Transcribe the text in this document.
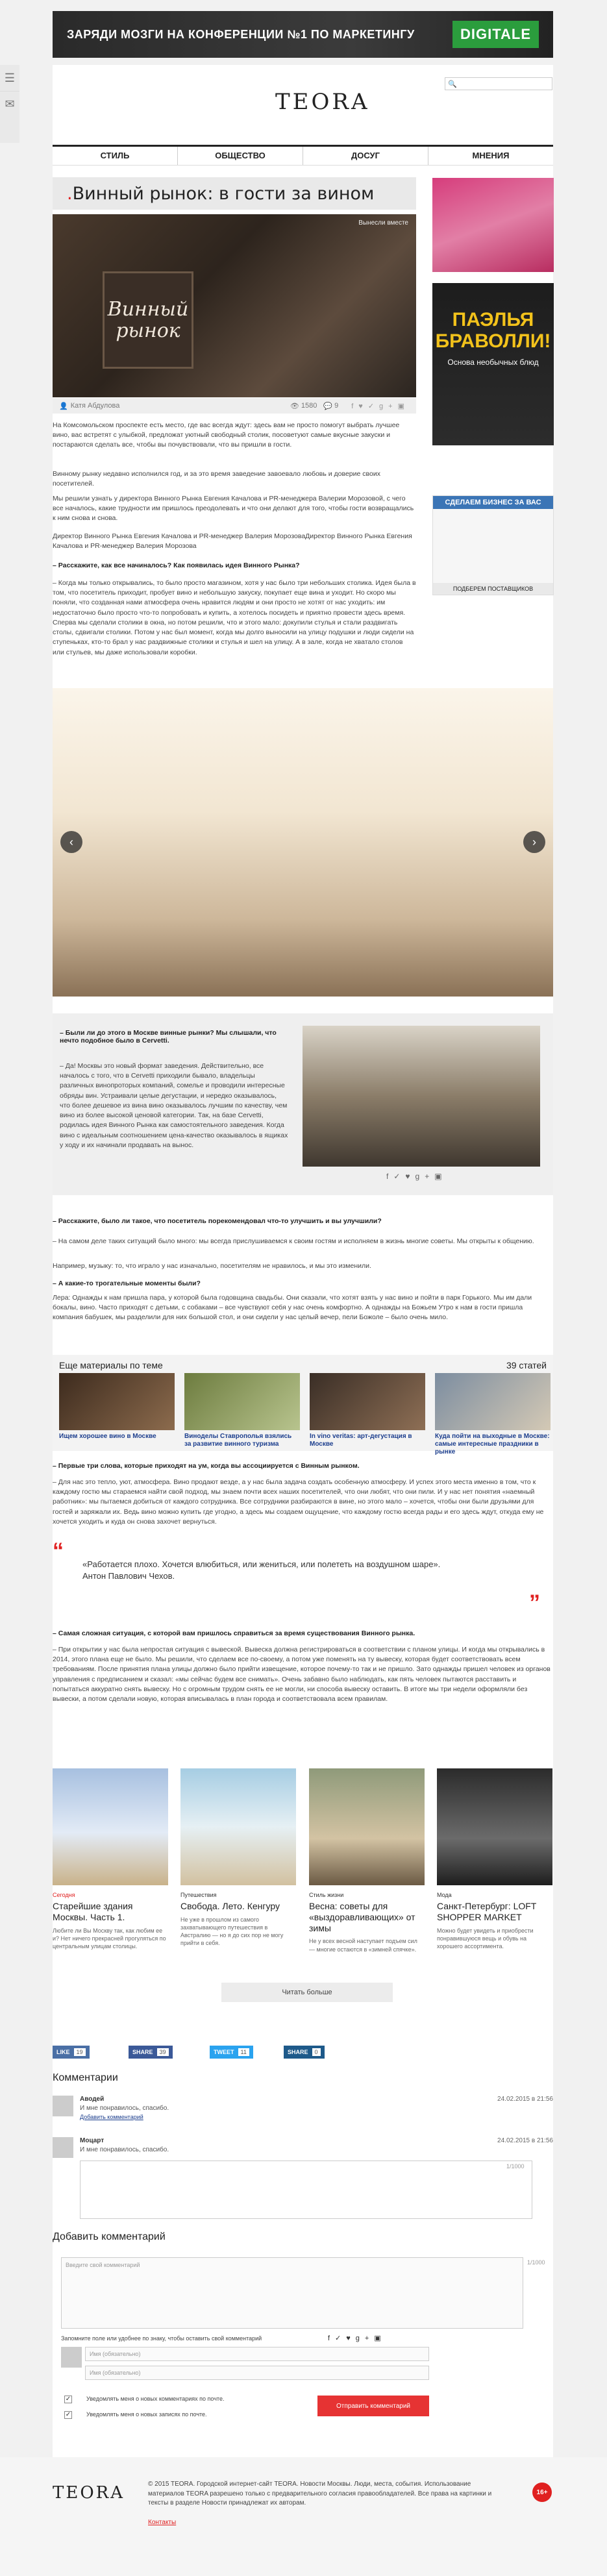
ЗАРЯДИ МОЗГИ НА КОНФЕРЕНЦИИ №1 ПО МАРКЕТИНГУ	DIGITALE
☰
✉	TEORA
🔍
СТИЛЬ	ОБЩЕСТВО	ДОСУГ	МНЕНИЯ
. Винный рынок: в гости за вином
Винный рынок
Вынесли вместе
👤 Катя Абдулова	👁 1580 💬 9 f♥✓g+▣
На Комсомольском проспекте есть место, где вас всегда ждут: здесь вам не просто помогут выбрать лучшее вино, вас встретят с улыбкой, предложат уютный свободный столик, посоветуют самые вкусные закуски и постараются сделать все, чтобы вы почувствовали, что вы пришли в гости.
Винному рынку недавно исполнился год, и за это время заведение завоевало любовь и доверие своих посетителей.
Мы решили узнать у директора Винного Рынка Евгения Качалова и PR-менеджера Валерии Морозовой, с чего все началось, какие трудности им пришлось преодолевать и что они делают для того, чтобы гости возвращались к ним снова и снова.
Директор Винного Рынка Евгения Качалова и PR-менеджер Валерия МорозоваДиректор Винного Рынка Евгения Качалова и PR-менеджер Валерия Морозова
– Расскажите, как все начиналось? Как появилась идея Винного Рынка?
– Когда мы только открывались, то было просто магазином, хотя у нас было три небольших столика. Идея была в том, что посетитель приходит, пробует вино и небольшую закуску, покупает еще вина и уходит. Но скоро мы поняли, что созданная нами атмосфера очень нравится людям и они просто не хотят от нас уходить: им недостаточно было просто что-то попробовать и купить, а хотелось посидеть и приятно провести здесь время. Сперва мы сделали столики в окна, но потом решили, что и этого мало: докупили стулья и стали раздвигать столы, сдвигали столики. Потом у нас был момент, когда мы долго выносили на улицу подушки и люди сидели на ступеньках, кто-то брал у нас раздвижные столики и стулья и шел на улицу. А в зале, когда не хватало столов или стульев, мы даже использовали коробки.
ПАЭЛЬЯ БРАВОЛЛИ!
Основа необычных блюд
СДЕЛАЕМ БИЗНЕС ЗА ВАС
ПОДБЕРЕМ ПОСТАВЩИКОВ
‹	›
– Были ли до этого в Москве винные рынки? Мы слышали, что нечто подобное было в Cervetti.
– Да! Москвы это новый формат заведения. Действительно, все началось с того, что в Cervetti приходили бывало, владельцы различных винопроторых компаний, сомелье и проводили интересные обряды вин. Устраивали целые дегустации, и нередко оказывалось, что более дешевое из вина вино оказывалось лучшим по качеству, чем вино из более высокой ценовой категории. Так, на базе Cervetti, родилась идея Винного Рынка как самостоятельного заведения. Когда вино с идеальным соотношением цена-качество оказывалось в ящиках у ходу и их начинали продавать на вынос.
f✓♥g+▣
– Расскажите, было ли такое, что посетитель порекомендовал что-то улучшить и вы улучшили?
– На самом деле таких ситуаций было много: мы всегда прислушиваемся к своим гостям и исполняем в жизнь многие советы. Мы открыты к общению.
Например, музыку: то, что играло у нас изначально, посетителям не нравилось, и мы это изменили.
– А какие-то трогательные моменты были?
Лера: Однажды к нам пришла пара, у которой была годовщина свадьбы. Они сказали, что хотят взять у нас вино и пойти в парк Горького. Мы им дали бокалы, вино. Часто приходят с детьми, с собаками – все чувствуют себя у нас очень комфортно. А однажды на Божьем Утро к нам в гости пришла компания бабушек, мы разделили для них большой стол, и они сидели у нас целый вечер, пели Божоле – было очень мило.
Еще материалы по теме	39 статей
Ищем хорошее вино в Москве	Виноделы Ставрополья взялись за развитие винного туризма
In vino veritas: арт-дегустация в Москве
Куда пойти на выходные в Москве: самые интересные праздники в рынке
– Первые три слова, которые приходят на ум, когда вы ассоциируется с Винным рынком.
– Для нас это тепло, уют, атмосфера. Вино продают везде, а у нас была задача создать особенную атмосферу. И успех этого места именно в том, что к каждому гостю мы стараемся найти свой подход, мы знаем почти всех наших посетителей, что они любят, что они пили. И у нас нет понятия «наемный работник»: мы пытаемся добиться от каждого сотрудника. Все сотрудники разбираются в вине, но этого мало – хочется, чтобы они были друзьями для гостей и заряжали их. Ведь вино можно купить где угодно, а здесь мы создаем ощущение, что каждому гостю всегда рады и его здесь ждут, откуда ему не хочется уходить и куда он снова захочет вернуться.
“
«Работается плохо. Хочется влюбиться, или жениться, или полететь на воздушном шаре».
Антон Павлович Чехов.
”
– Самая сложная ситуация, с которой вам пришлось справиться за время существования Винного рынка.
– При открытии у нас была непростая ситуация с вывеской. Вывеска должна регистрироваться в соответствии с планом улицы. И когда мы открывались в 2014, этого плана еще не было. Мы решили, что сделаем все по-своему, а потом уже поменять на ту вывеску, которая будет соответствовать всем требованиям. После принятия плана улицы должно было прийти извещение, которое почему-то так и не пришло. Зато однажды пришел человек из органов управления с предписанием и сказал: «мы сейчас будем все снимать». Очень забавно было наблюдать, как пять человек пытаются расставить и попытаться аккуратно снять вывеску. Но с огромным трудом снять ее не могли, ни способа вывеску оставить. В итоге мы три недели оформляли без вывески, а потом сделали новую, которая вписывалась в план города и соответствовала всем правилам.
Сегодня
Старейшие здания Москвы. Часть 1.
Любите ли Вы Москву так, как любим ее и? Нет ничего прекрасней прогуляться по центральным улицам столицы.
Путешествия
Свобода. Лето. Кенгуру
Не уже в прошлом из самого захватывающего путешествия в Австралию — но я до сих пор не могу прийти в себя.
Стиль жизни
Весна: советы для «выздоравливающих» от зимы
Не у всех весной наступает подъем сил — многие остаются в «зимней спячке».
Мода
Санкт-Петербург: LOFT SHOPPER MARKET
Можно будет увидеть и приобрести понравившуюся вещь и обувь на хорошего ассортимента.
Читать больше
LIKE	19	SHARE	39	TWEET	11	SHARE	0
Комментарии
Аводей	24.02.2015 в 21:56
И мне понравилось, спасибо.
Добавить комментарий
Моцарт	24.02.2015 в 21:56
И мне понравилось, спасибо.
1/1000
Добавить комментарий
Введите свой комментарий	1/1000
Запомните поле или удобнее по знаку, чтобы оставить свой комментарий	f✓♥g+▣
Имя (обязательно)
Имя (обязательно)
✓	Уведомлять меня о новых комментариях по почте.
✓	Уведомлять меня о новых записях по почте.
Отправить комментарий
TEORA	© 2015 TEORA. Городской интернет-сайт TEORA. Новости Москвы. Люди, места, события. Использование материалов TEORA разрешено только с предварительного согласия правообладателей. Все права на картинки и тексты в разделе Новости принадлежат их авторам.
Контакты
16+
